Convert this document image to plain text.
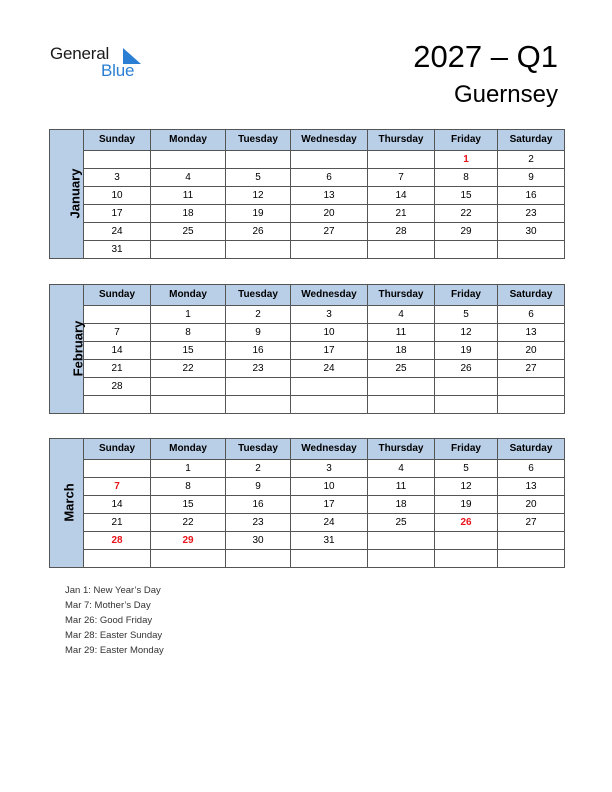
General
Blue	2027 – Q1
Guernsey
January	Sunday	Monday	Tuesday	Wednesday	Thursday	Friday	Saturday
						1	2
	3	4	5	6	7	8	9
	10	11	12	13	14	15	16
	17	18	19	20	21	22	23
	24	25	26	27	28	29	30
	31						
February	Sunday	Monday	Tuesday	Wednesday	Thursday	Friday	Saturday
		1	2	3	4	5	6
	7	8	9	10	11	12	13
	14	15	16	17	18	19	20
	21	22	23	24	25	26	27
	28						

March	Sunday	Monday	Tuesday	Wednesday	Thursday	Friday	Saturday
		1	2	3	4	5	6
	7	8	9	10	11	12	13
	14	15	16	17	18	19	20
	21	22	23	24	25	26	27
	28	29	30	31			

Jan 1: New Year’s Day
Mar 7: Mother’s Day
Mar 26: Good Friday
Mar 28: Easter Sunday
Mar 29: Easter Monday
